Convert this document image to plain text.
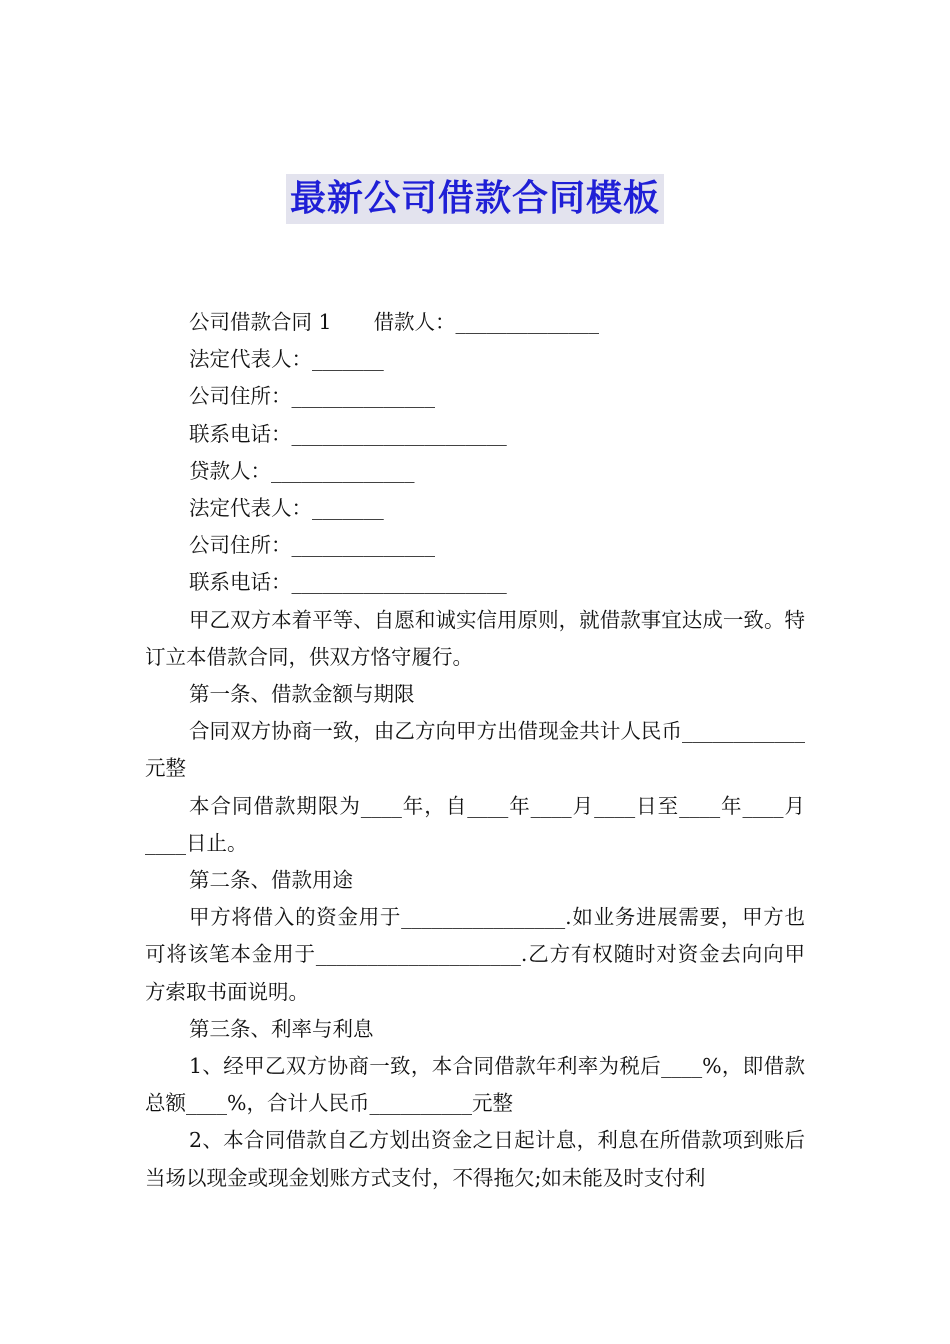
最新公司借款合同模板

公司借款合同 1 借款人：______________

法定代表人：_______

公司住所：______________

联系电话：_____________________

贷款人：______________

法定代表人：_______

公司住所：______________

联系电话：_____________________

甲乙双方本着平等、自愿和诚实信用原则，就借款事宜达成一致。特订立本借款合同，供双方恪守履行。

第一条、借款金额与期限

合同双方协商一致，由乙方向甲方出借现金共计人民币____________元整

本合同借款期限为____年，自____年____月____日至____年____月____日止。

第二条、借款用途

甲方将借入的资金用于________________.如业务进展需要，甲方也可将该笔本金用于____________________.乙方有权随时对资金去向向甲方索取书面说明。

第三条、利率与利息

1、经甲乙双方协商一致，本合同借款年利率为税后____%，即借款总额____%，合计人民币__________元整

2、本合同借款自乙方划出资金之日起计息，利息在所借款项到账后当场以现金或现金划账方式支付，不得拖欠;如未能及时支付利
